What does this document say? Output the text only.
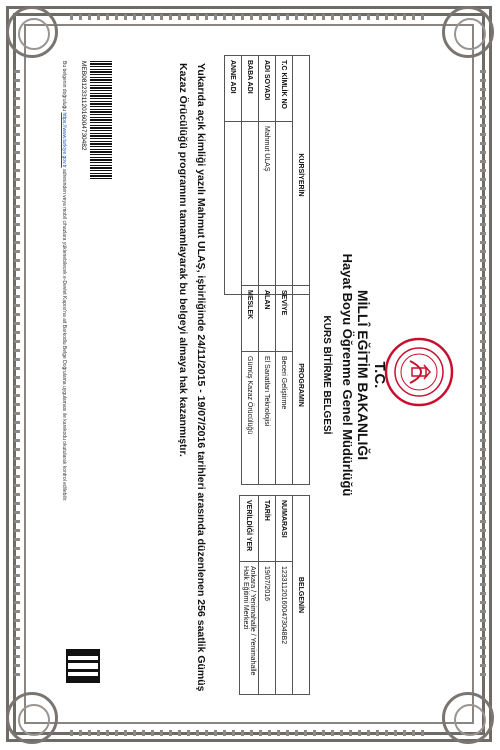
T.C.
MİLLÎ EĞİTİM BAKANLIĞI
Hayat Boyu Öğrenme Genel Müdürlüğü
KURS BİTİRME BELGESİ
KURSİYERİN	
T.C KİMLİK NO	
ADI SOYADI	Mahmut ULAŞ
BABA ADI	
ANNE ADI	
PROGRAMIN	
SEVİYE	Beceri Geliştirme
ALAN	El Sanatları Teknolojisi
MESLEK	Gümüş Kazaz Örücülüğü
BELGENİN	
NUMARASI	123311201600473048B2
TARİH	19/07/2016
VERİLDİĞİ YER	Ankara / Yenimahalle / Yenimahalle Halk Eğitimi Merkezi
Yukarıda açık kimliği yazılı Mahmut ULAŞ, işbirliğinde 24/11/2015 - 19/07/2016 tarihleri arasında düzenlenen 256 saatlik Gümüş Kazaz Örücülüğü programını tamamlayarak bu belgeyi almaya hak kazanmıştır.
MEB081233112016004730482
Bu belgenin doğruluğu https://www.turkiye.gov.tr adresinden veya mobil cihazlara yüklenebilecek e-Devlet Kapısı'na ait Barkodlu Belge Doğrulama uygulaması ile karekodu okutularak kontrol edilebilir.
